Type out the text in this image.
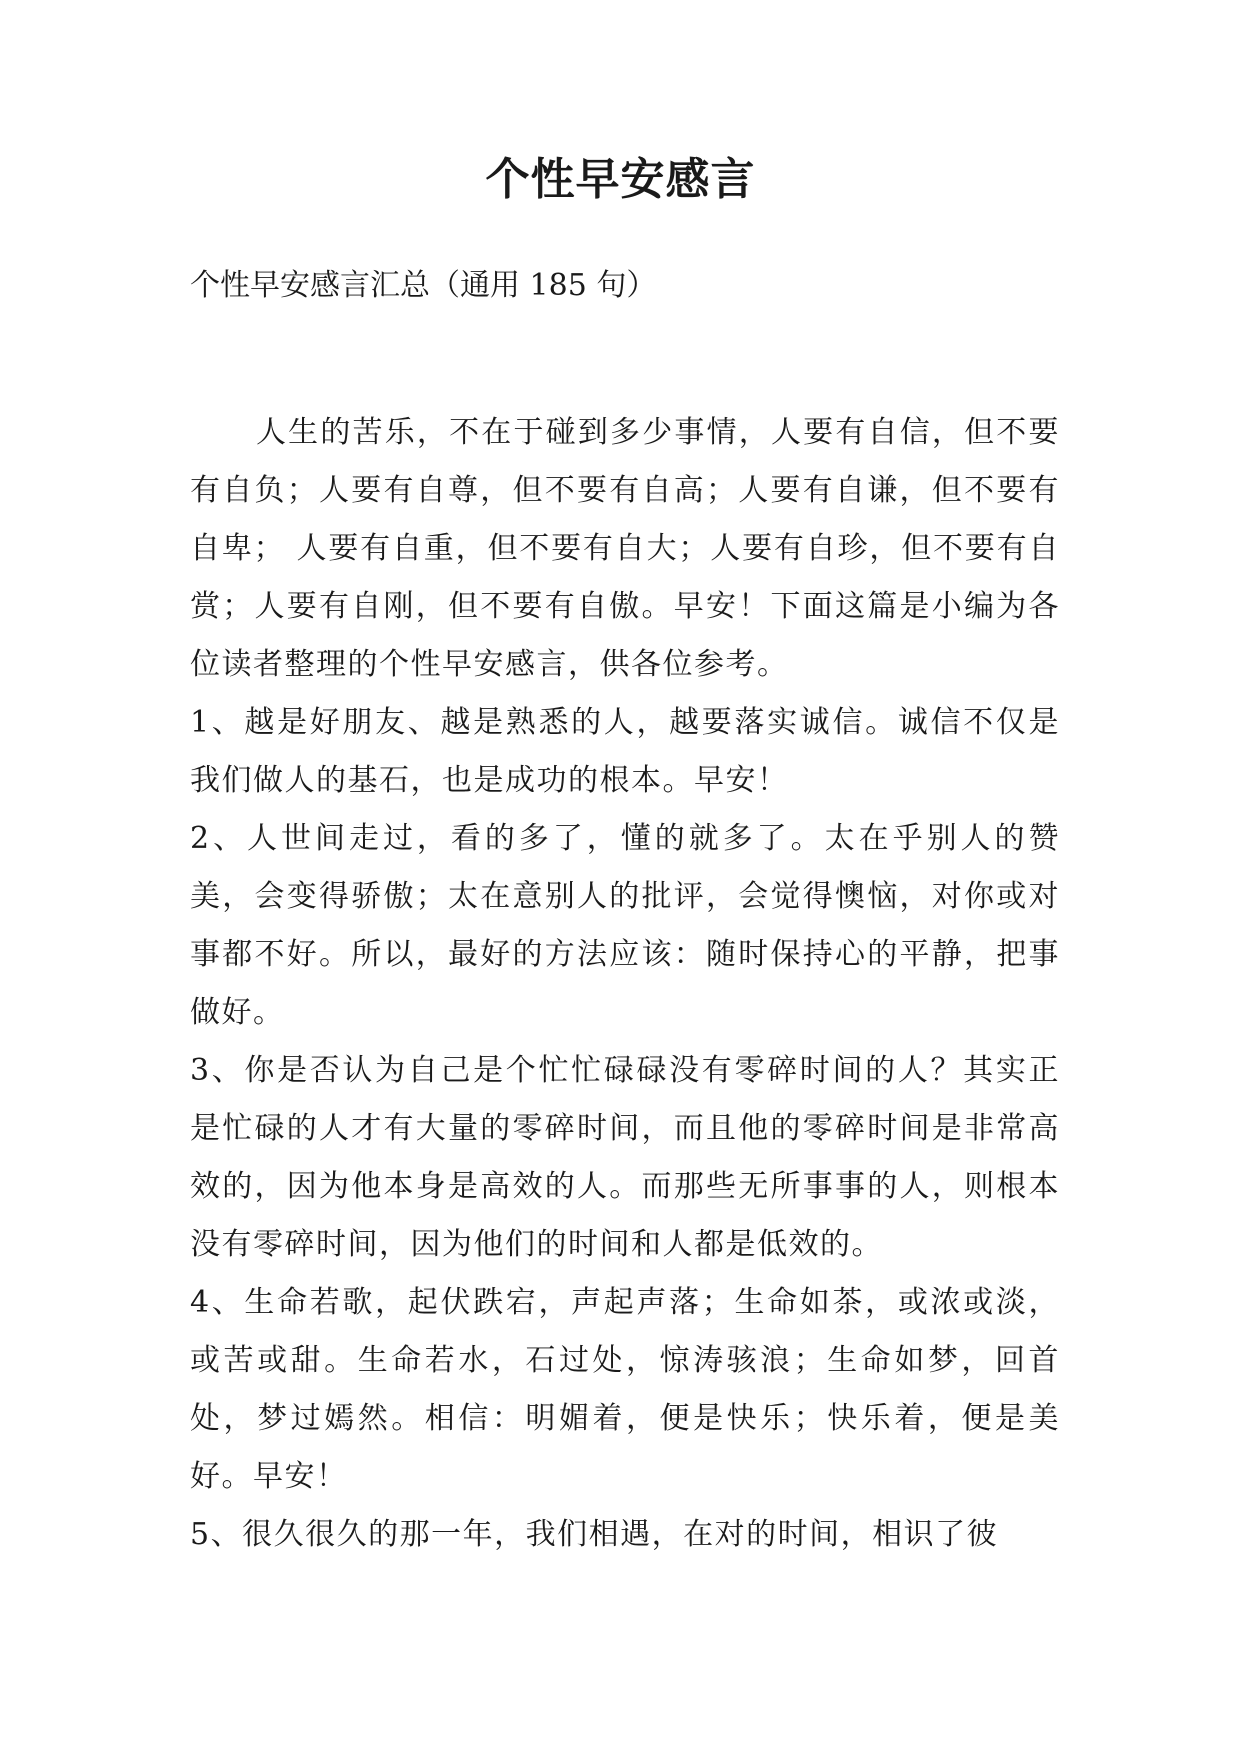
个性早安感言

个性早安感言汇总（通用 185 句）

人生的苦乐，不在于碰到多少事情，人要有自信，但不要有自负；人要有自尊，但不要有自高；人要有自谦，但不要有自卑； 人要有自重，但不要有自大；人要有自珍，但不要有自赏；人要有自刚，但不要有自傲。早安！下面这篇是小编为各位读者整理的个性早安感言，供各位参考。

1、越是好朋友、越是熟悉的人，越要落实诚信。诚信不仅是我们做人的基石，也是成功的根本。早安！

2、人世间走过，看的多了，懂的就多了。太在乎别人的赞美，会变得骄傲；太在意别人的批评，会觉得懊恼，对你或对事都不好。所以，最好的方法应该：随时保持心的平静，把事做好。

3、你是否认为自己是个忙忙碌碌没有零碎时间的人？其实正是忙碌的人才有大量的零碎时间，而且他的零碎时间是非常高效的，因为他本身是高效的人。而那些无所事事的人，则根本没有零碎时间，因为他们的时间和人都是低效的。

4、生命若歌，起伏跌宕，声起声落；生命如茶，或浓或淡，或苦或甜。生命若水，石过处，惊涛骇浪；生命如梦，回首处，梦过嫣然。相信：明媚着，便是快乐；快乐着，便是美好。早安！

5、很久很久的那一年，我们相遇，在对的时间，相识了彼
